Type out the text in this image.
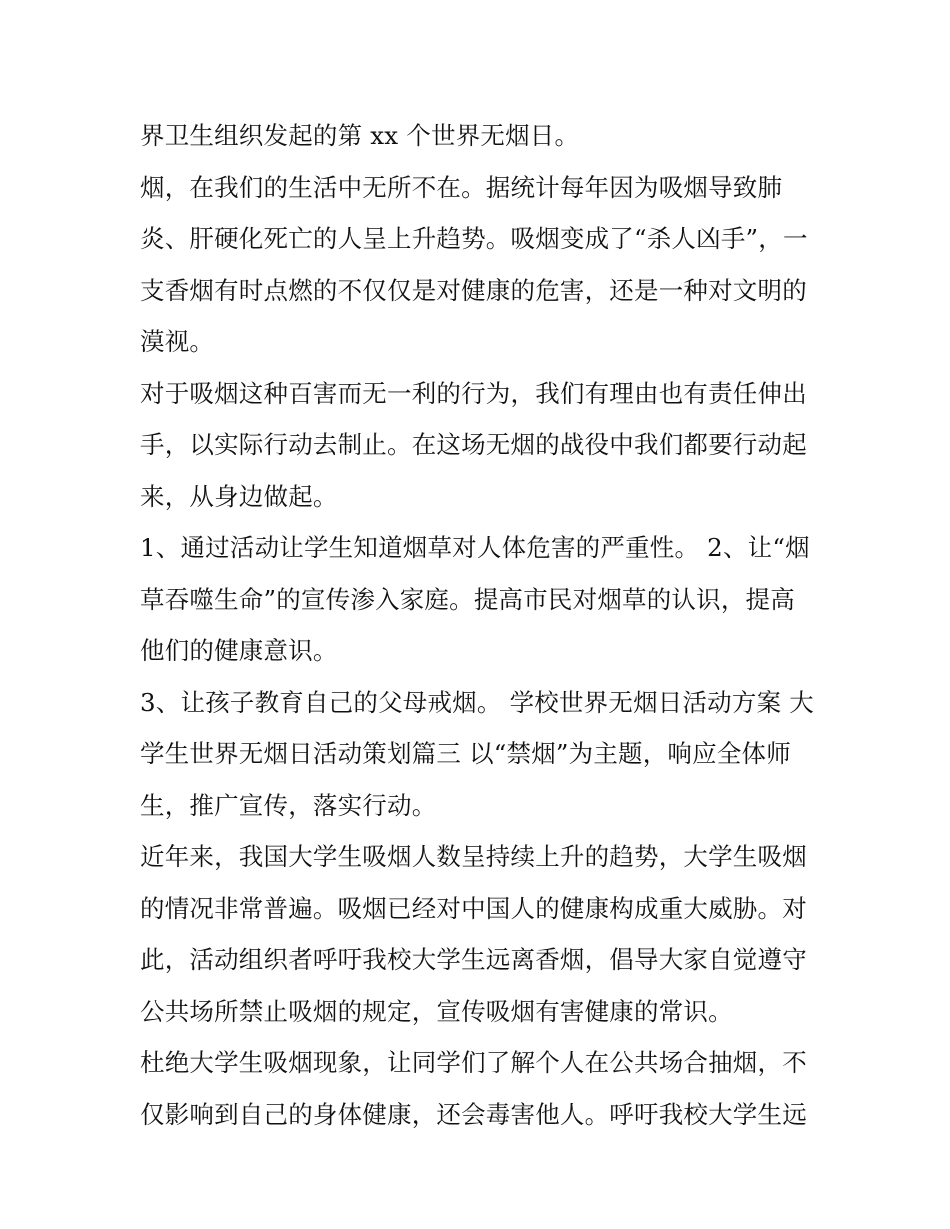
界卫生组织发起的第 xx 个世界无烟日。
烟，在我们的生活中无所不在。据统计每年因为吸烟导致肺
炎、肝硬化死亡的人呈上升趋势。吸烟变成了“杀人凶手”，一
支香烟有时点燃的不仅仅是对健康的危害，还是一种对文明的
漠视。
对于吸烟这种百害而无一利的行为，我们有理由也有责任伸出
手，以实际行动去制止。在这场无烟的战役中我们都要行动起
来，从身边做起。
1、通过活动让学生知道烟草对人体危害的严重性。 2、让“烟
草吞噬生命”的宣传渗入家庭。提高市民对烟草的认识，提高
他们的健康意识。
3、让孩子教育自己的父母戒烟。 学校世界无烟日活动方案 大
学生世界无烟日活动策划篇三 以“禁烟”为主题，响应全体师
生，推广宣传，落实行动。
近年来，我国大学生吸烟人数呈持续上升的趋势，大学生吸烟
的情况非常普遍。吸烟已经对中国人的健康构成重大威胁。对
此，活动组织者呼吁我校大学生远离香烟，倡导大家自觉遵守
公共场所禁止吸烟的规定，宣传吸烟有害健康的常识。
杜绝大学生吸烟现象，让同学们了解个人在公共场合抽烟，不
仅影响到自己的身体健康，还会毒害他人。呼吁我校大学生远
